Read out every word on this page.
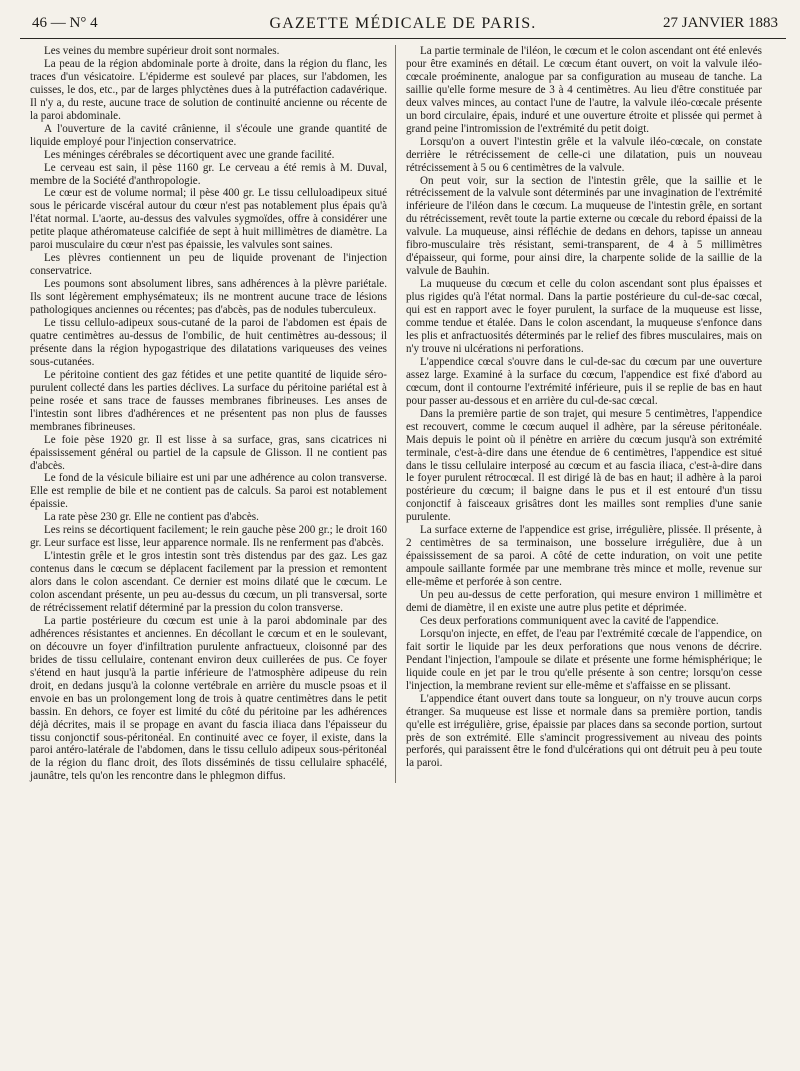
46 — N° 4	GAZETTE MÉDICALE DE PARIS.	27 JANVIER 1883

Les veines du membre supérieur droit sont normales.

La peau de la région abdominale porte à droite, dans la région du flanc, les traces d'un vésicatoire. L'épiderme est soulevé par places, sur l'abdomen, les cuisses, le dos, etc., par de larges phlyctènes dues à la putréfaction cadavérique. Il n'y a, du reste, aucune trace de solution de continuité ancienne ou récente de la paroi abdominale.

A l'ouverture de la cavité crânienne, il s'écoule une grande quantité de liquide employé pour l'injection conservatrice.

Les méninges cérébrales se décortiquent avec une grande facilité.

Le cerveau est sain, il pèse 1160 gr. Le cerveau a été remis à M. Duval, membre de la Société d'anthropologie.

Le cœur est de volume normal; il pèse 400 gr. Le tissu celluloadipeux situé sous le péricarde viscéral autour du cœur n'est pas notablement plus épais qu'à l'état normal. L'aorte, au-dessus des valvules sygmoïdes, offre à considérer une petite plaque athéromateuse calcifiée de sept à huit millimètres de diamètre. La paroi musculaire du cœur n'est pas épaissie, les valvules sont saines.

Les plèvres contiennent un peu de liquide provenant de l'injection conservatrice.

Les poumons sont absolument libres, sans adhérences à la plèvre pariétale. Ils sont légèrement emphysémateux; ils ne montrent aucune trace de lésions pathologiques anciennes ou récentes; pas d'abcès, pas de nodules tuberculeux.

Le tissu cellulo-adipeux sous-cutané de la paroi de l'abdomen est épais de quatre centimètres au-dessus de l'ombilic, de huit centimètres au-dessous; il présente dans la région hypogastrique des dilatations variqueuses des veines sous-cutanées.

Le péritoine contient des gaz fétides et une petite quantité de liquide séro-purulent collecté dans les parties déclives. La surface du péritoine pariétal est à peine rosée et sans trace de fausses membranes fibrineuses. Les anses de l'intestin sont libres d'adhérences et ne présentent pas non plus de fausses membranes fibrineuses.

Le foie pèse 1920 gr. Il est lisse à sa surface, gras, sans cicatrices ni épaississement général ou partiel de la capsule de Glisson. Il ne contient pas d'abcès.

Le fond de la vésicule biliaire est uni par une adhérence au colon transverse. Elle est remplie de bile et ne contient pas de calculs. Sa paroi est notablement épaissie.

La rate pèse 230 gr. Elle ne contient pas d'abcès.

Les reins se décortiquent facilement; le rein gauche pèse 200 gr.; le droit 160 gr. Leur surface est lisse, leur apparence normale. Ils ne renferment pas d'abcès.

L'intestin grêle et le gros intestin sont très distendus par des gaz. Les gaz contenus dans le cœcum se déplacent facilement par la pression et remontent alors dans le colon ascendant. Ce dernier est moins dilaté que le cœcum. Le colon ascendant présente, un peu au-dessus du cœcum, un pli transversal, sorte de rétrécissement relatif déterminé par la pression du colon transverse.

La partie postérieure du cœcum est unie à la paroi abdominale par des adhérences résistantes et anciennes. En décollant le cœcum et en le soulevant, on découvre un foyer d'infiltration purulente anfractueux, cloisonné par des brides de tissu cellulaire, contenant environ deux cuillerées de pus. Ce foyer s'étend en haut jusqu'à la partie inférieure de l'atmosphère adipeuse du rein droit, en dedans jusqu'à la colonne vertébrale en arrière du muscle psoas et il envoie en bas un prolongement long de trois à quatre centimètres dans le petit bassin. En dehors, ce foyer est limité du côté du péritoine par les adhérences déjà décrites, mais il se propage en avant du fascia iliaca dans l'épaisseur du tissu conjonctif sous-péritonéal. En continuité avec ce foyer, il existe, dans la paroi antéro-latérale de l'abdomen, dans le tissu cellulo adipeux sous-péritonéal de la région du flanc droit, des îlots disséminés de tissu cellulaire sphacélé, jaunâtre, tels qu'on les rencontre dans le phlegmon diffus.

La partie terminale de l'iléon, le cœcum et le colon ascendant ont été enlevés pour être examinés en détail. Le cœcum étant ouvert, on voit la valvule iléo-cœcale proéminente, analogue par sa configuration au museau de tanche. La saillie qu'elle forme mesure de 3 à 4 centimètres. Au lieu d'être constituée par deux valves minces, au contact l'une de l'autre, la valvule iléo-cœcale présente un bord circulaire, épais, induré et une ouverture étroite et plissée qui permet à grand peine l'intromission de l'extrémité du petit doigt.

Lorsqu'on a ouvert l'intestin grêle et la valvule iléo-cœcale, on constate derrière le rétrécissement de celle-ci une dilatation, puis un nouveau rétrécissement à 5 ou 6 centimètres de la valvule.

On peut voir, sur la section de l'intestin grêle, que la saillie et le rétrécissement de la valvule sont déterminés par une invagination de l'extrémité inférieure de l'iléon dans le cœcum. La muqueuse de l'intestin grêle, en sortant du rétrécissement, revêt toute la partie externe ou cœcale du rebord épaissi de la valvule. La muqueuse, ainsi réfléchie de dedans en dehors, tapisse un anneau fibro-musculaire très résistant, semi-transparent, de 4 à 5 millimètres d'épaisseur, qui forme, pour ainsi dire, la charpente solide de la saillie de la valvule de Bauhin.

La muqueuse du cœcum et celle du colon ascendant sont plus épaisses et plus rigides qu'à l'état normal. Dans la partie postérieure du cul-de-sac cœcal, qui est en rapport avec le foyer purulent, la surface de la muqueuse est lisse, comme tendue et étalée. Dans le colon ascendant, la muqueuse s'enfonce dans les plis et anfractuosités déterminés par le relief des fibres musculaires, mais on n'y trouve ni ulcérations ni perforations.

L'appendice cœcal s'ouvre dans le cul-de-sac du cœcum par une ouverture assez large. Examiné à la surface du cœcum, l'appendice est fixé d'abord au cœcum, dont il contourne l'extrémité inférieure, puis il se replie de bas en haut pour passer au-dessous et en arrière du cul-de-sac cœcal.

Dans la première partie de son trajet, qui mesure 5 centimètres, l'appendice est recouvert, comme le cœcum auquel il adhère, par la séreuse péritonéale. Mais depuis le point où il pénètre en arrière du cœcum jusqu'à son extrémité terminale, c'est-à-dire dans une étendue de 6 centimètres, l'appendice est situé dans le tissu cellulaire interposé au cœcum et au fascia iliaca, c'est-à-dire dans le foyer purulent rétrocœcal. Il est dirigé là de bas en haut; il adhère à la paroi postérieure du cœcum; il baigne dans le pus et il est entouré d'un tissu conjonctif à faisceaux grisâtres dont les mailles sont remplies d'une sanie purulente.

La surface externe de l'appendice est grise, irrégulière, plissée. Il présente, à 2 centimètres de sa terminaison, une bosselure irrégulière, due à un épaississement de sa paroi. A côté de cette induration, on voit une petite ampoule saillante formée par une membrane très mince et molle, revenue sur elle-même et perforée à son centre.

Un peu au-dessus de cette perforation, qui mesure environ 1 millimètre et demi de diamètre, il en existe une autre plus petite et déprimée.

Ces deux perforations communiquent avec la cavité de l'appendice.

Lorsqu'on injecte, en effet, de l'eau par l'extrémité cœcale de l'appendice, on fait sortir le liquide par les deux perforations que nous venons de décrire. Pendant l'injection, l'ampoule se dilate et présente une forme hémisphérique; le liquide coule en jet par le trou qu'elle présente à son centre; lorsqu'on cesse l'injection, la membrane revient sur elle-même et s'affaisse en se plissant.

L'appendice étant ouvert dans toute sa longueur, on n'y trouve aucun corps étranger. Sa muqueuse est lisse et normale dans sa première portion, tandis qu'elle est irrégulière, grise, épaissie par places dans sa seconde portion, surtout près de son extrémité. Elle s'amincit progressivement au niveau des points perforés, qui paraissent être le fond d'ulcérations qui ont détruit peu à peu toute la paroi.
